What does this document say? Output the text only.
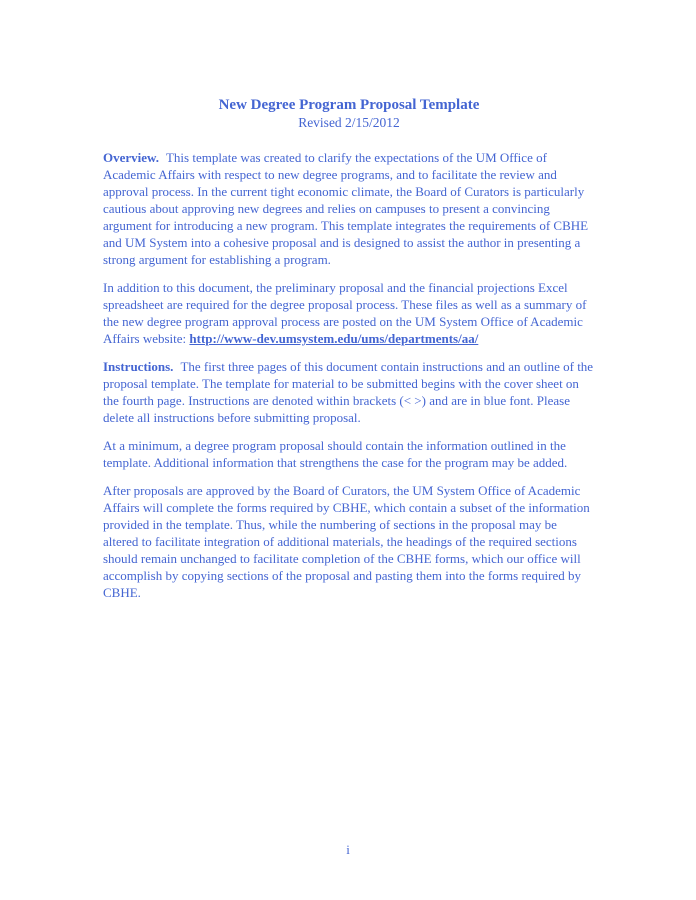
New Degree Program Proposal Template

Revised 2/15/2012

Overview. This template was created to clarify the expectations of the UM Office of Academic Affairs with respect to new degree programs, and to facilitate the review and approval process. In the current tight economic climate, the Board of Curators is particularly cautious about approving new degrees and relies on campuses to present a convincing argument for introducing a new program. This template integrates the requirements of CBHE and UM System into a cohesive proposal and is designed to assist the author in presenting a strong argument for establishing a program.

In addition to this document, the preliminary proposal and the financial projections Excel spreadsheet are required for the degree proposal process. These files as well as a summary of the new degree program approval process are posted on the UM System Office of Academic Affairs website: http://www-dev.umsystem.edu/ums/departments/aa/

Instructions. The first three pages of this document contain instructions and an outline of the proposal template. The template for material to be submitted begins with the cover sheet on the fourth page. Instructions are denoted within brackets (< >) and are in blue font. Please delete all instructions before submitting proposal.

At a minimum, a degree program proposal should contain the information outlined in the template. Additional information that strengthens the case for the program may be added.

After proposals are approved by the Board of Curators, the UM System Office of Academic Affairs will complete the forms required by CBHE, which contain a subset of the information provided in the template. Thus, while the numbering of sections in the proposal may be altered to facilitate integration of additional materials, the headings of the required sections should remain unchanged to facilitate completion of the CBHE forms, which our office will accomplish by copying sections of the proposal and pasting them into the forms required by CBHE.

i
